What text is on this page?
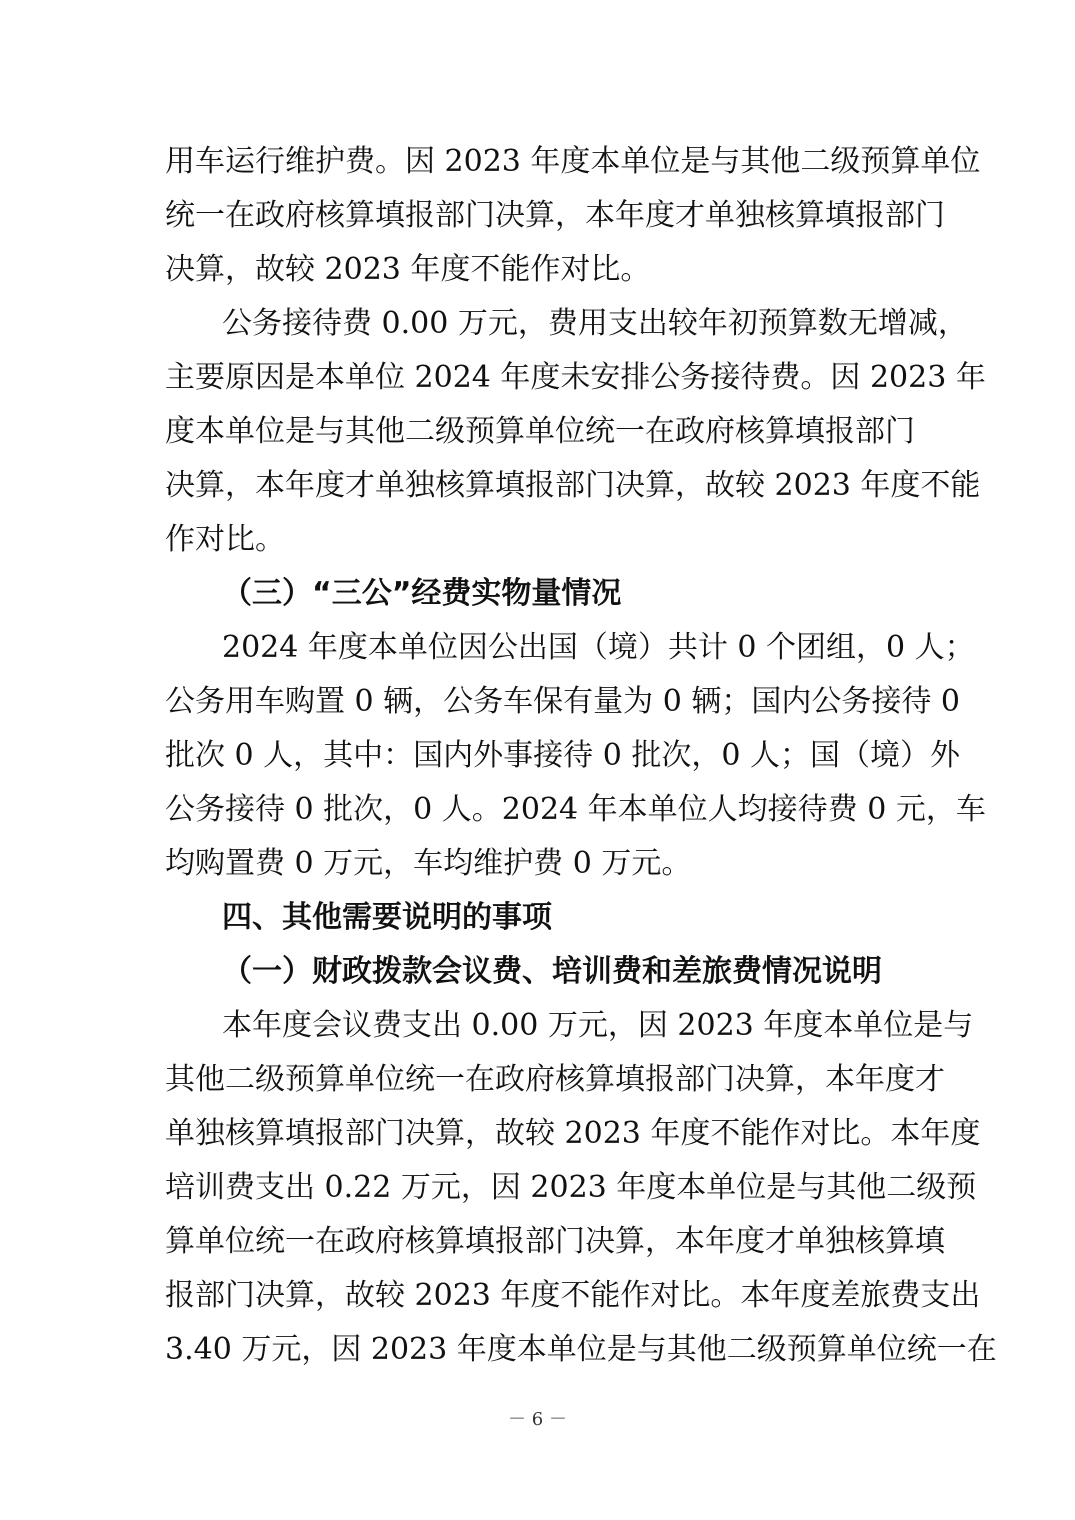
用车运行维护费。因 2023 年度本单位是与其他二级预算单位
统一在政府核算填报部门决算，本年度才单独核算填报部门
决算，故较 2023 年度不能作对比。
公务接待费 0.00 万元，费用支出较年初预算数无增减，
主要原因是本单位 2024 年度未安排公务接待费。因 2023 年
度本单位是与其他二级预算单位统一在政府核算填报部门
决算，本年度才单独核算填报部门决算，故较 2023 年度不能
作对比。
（三）“三公”经费实物量情况
2024 年度本单位因公出国（境）共计 0 个团组，0 人；
公务用车购置 0 辆，公务车保有量为 0 辆；国内公务接待 0
批次 0 人，其中：国内外事接待 0 批次，0 人；国（境）外
公务接待 0 批次，0 人。2024 年本单位人均接待费 0 元，车
均购置费 0 万元，车均维护费 0 万元。
四、其他需要说明的事项
（一）财政拨款会议费、培训费和差旅费情况说明
本年度会议费支出 0.00 万元，因 2023 年度本单位是与
其他二级预算单位统一在政府核算填报部门决算，本年度才
单独核算填报部门决算，故较 2023 年度不能作对比。本年度
培训费支出 0.22 万元，因 2023 年度本单位是与其他二级预
算单位统一在政府核算填报部门决算，本年度才单独核算填
报部门决算，故较 2023 年度不能作对比。本年度差旅费支出
3.40 万元，因 2023 年度本单位是与其他二级预算单位统一在
－ 6 －
